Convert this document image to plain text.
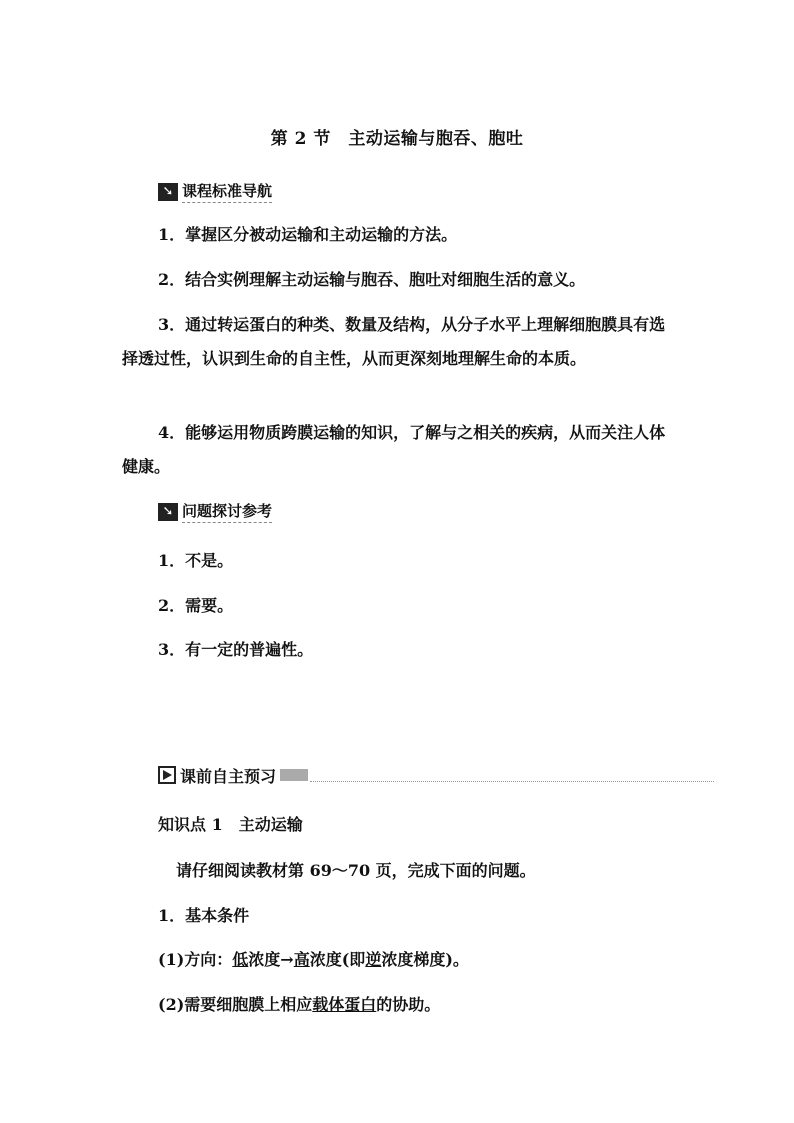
第 2 节　主动运输与胞吞、胞吐
➘ 课程标准导航
1．掌握区分被动运输和主动运输的方法。
2．结合实例理解主动运输与胞吞、胞吐对细胞生活的意义。
3．通过转运蛋白的种类、数量及结构，从分子水平上理解细胞膜具有选择透过性，认识到生命的自主性，从而更深刻地理解生命的本质。
4．能够运用物质跨膜运输的知识，了解与之相关的疾病，从而关注人体健康。
➘ 问题探讨参考
1．不是。
2．需要。
3．有一定的普遍性。
课前自主预习
知识点 1　主动运输
请仔细阅读教材第 69～70 页，完成下面的问题。
1．基本条件
(1)方向：低浓度→高浓度(即逆浓度梯度)。
(2)需要细胞膜上相应载体蛋白的协助。
